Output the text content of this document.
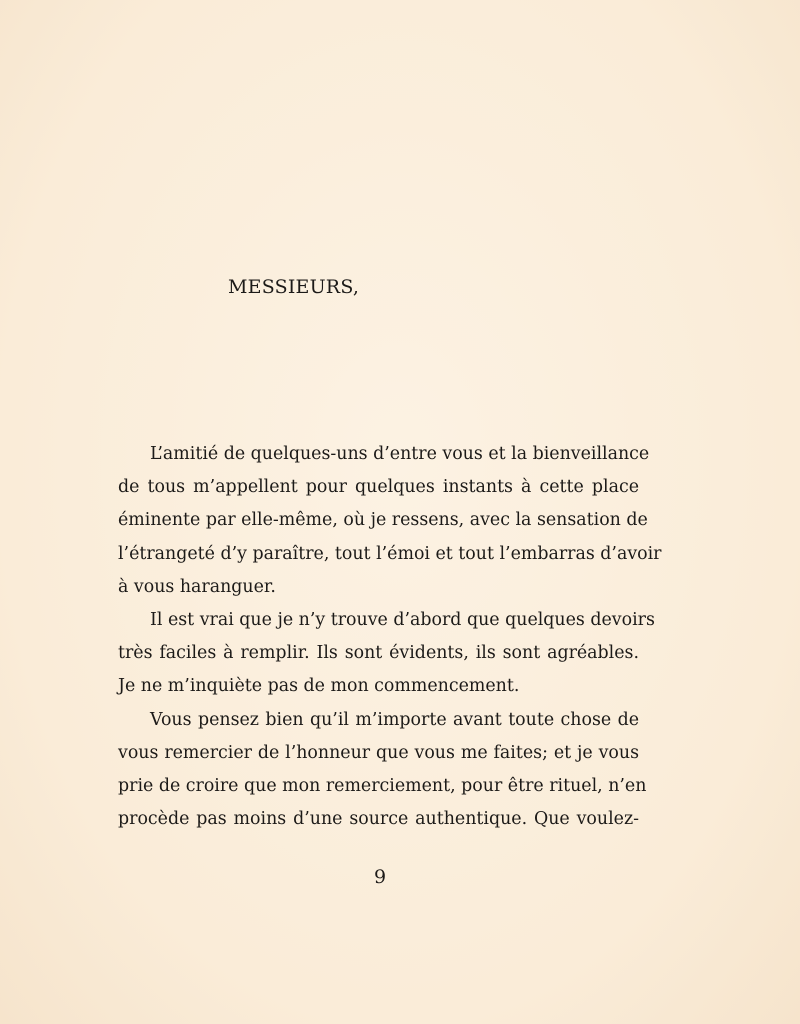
MESSIEURS,
L’amitié de quelques-uns d’entre vous et la bienveillance
de tous m’appellent pour quelques instants à cette place
éminente par elle-même, où je ressens, avec la sensation de
l’étrangeté d’y paraître, tout l’émoi et tout l’embarras d’avoir
à vous haranguer.
Il est vrai que je n’y trouve d’abord que quelques devoirs
très faciles à remplir. Ils sont évidents, ils sont agréables.
Je ne m’inquiète pas de mon commencement.
Vous pensez bien qu’il m’importe avant toute chose de
vous remercier de l’honneur que vous me faites; et je vous
prie de croire que mon remerciement, pour être rituel, n’en
procède pas moins d’une source authentique. Que voulez-
9
